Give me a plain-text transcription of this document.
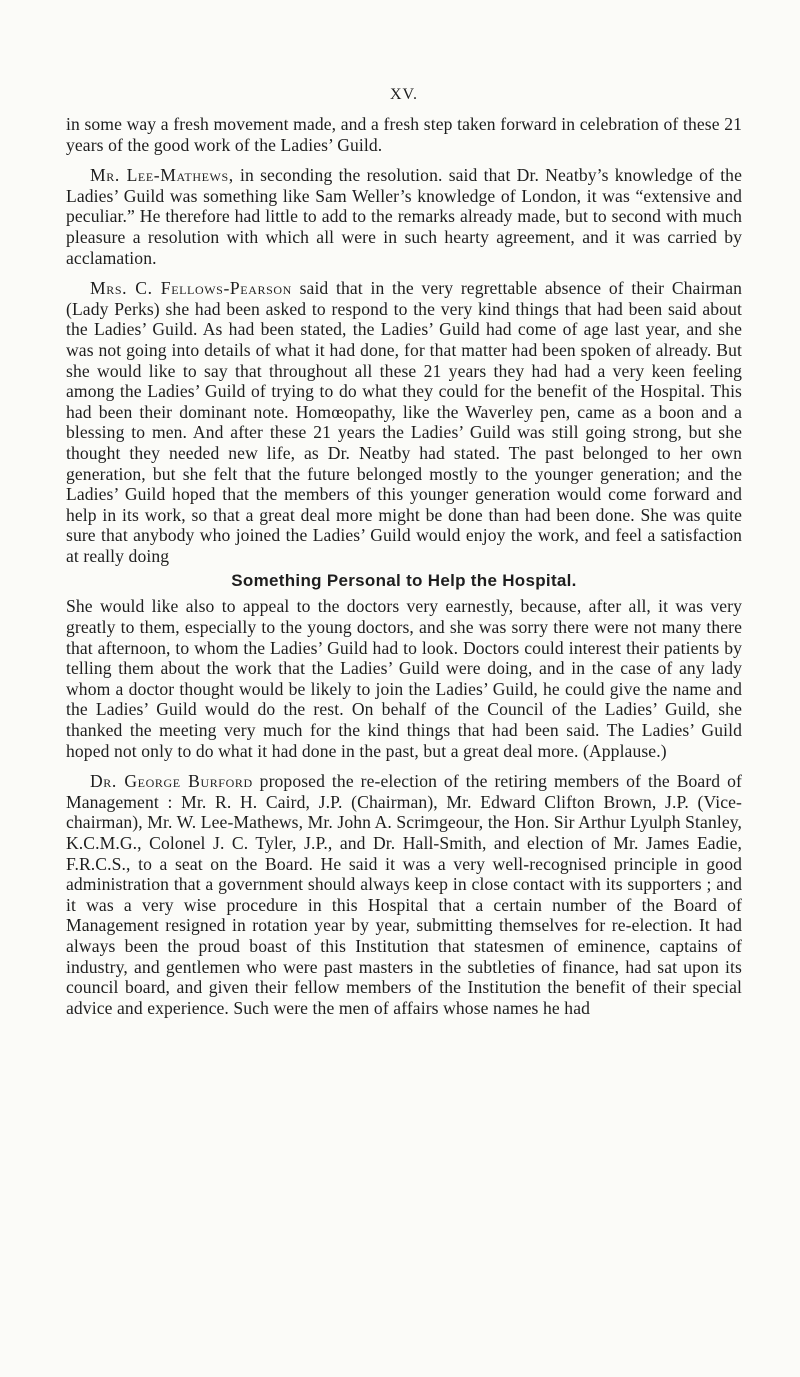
XV.

in some way a fresh movement made, and a fresh step taken forward in celebration of these 21 years of the good work of the Ladies’ Guild.

Mr. Lee-Mathews, in seconding the resolution. said that Dr. Neatby’s knowledge of the Ladies’ Guild was something like Sam Weller’s knowledge of London, it was “extensive and peculiar.” He therefore had little to add to the remarks already made, but to second with much pleasure a resolution with which all were in such hearty agreement, and it was carried by acclamation.

Mrs. C. Fellows-Pearson said that in the very regrettable absence of their Chairman (Lady Perks) she had been asked to respond to the very kind things that had been said about the Ladies’ Guild. As had been stated, the Ladies’ Guild had come of age last year, and she was not going into details of what it had done, for that matter had been spoken of already. But she would like to say that throughout all these 21 years they had had a very keen feeling among the Ladies’ Guild of trying to do what they could for the benefit of the Hospital. This had been their dominant note. Homœopathy, like the Waverley pen, came as a boon and a blessing to men. And after these 21 years the Ladies’ Guild was still going strong, but she thought they needed new life, as Dr. Neatby had stated. The past belonged to her own generation, but she felt that the future belonged mostly to the younger generation; and the Ladies’ Guild hoped that the members of this younger generation would come forward and help in its work, so that a great deal more might be done than had been done. She was quite sure that anybody who joined the Ladies’ Guild would enjoy the work, and feel a satisfaction at really doing

Something Personal to Help the Hospital.

She would like also to appeal to the doctors very earnestly, because, after all, it was very greatly to them, especially to the young doctors, and she was sorry there were not many there that afternoon, to whom the Ladies’ Guild had to look. Doctors could interest their patients by telling them about the work that the Ladies’ Guild were doing, and in the case of any lady whom a doctor thought would be likely to join the Ladies’ Guild, he could give the name and the Ladies’ Guild would do the rest. On behalf of the Council of the Ladies’ Guild, she thanked the meeting very much for the kind things that had been said. The Ladies’ Guild hoped not only to do what it had done in the past, but a great deal more. (Applause.)

Dr. George Burford proposed the re-election of the retiring members of the Board of Management : Mr. R. H. Caird, J.P. (Chairman), Mr. Edward Clifton Brown, J.P. (Vice-chairman), Mr. W. Lee-Mathews, Mr. John A. Scrimgeour, the Hon. Sir Arthur Lyulph Stanley, K.C.M.G., Colonel J. C. Tyler, J.P., and Dr. Hall-Smith, and election of Mr. James Eadie, F.R.C.S., to a seat on the Board. He said it was a very well-recognised principle in good administration that a government should always keep in close contact with its supporters ; and it was a very wise procedure in this Hospital that a certain number of the Board of Management resigned in rotation year by year, submitting themselves for re-election. It had always been the proud boast of this Institution that statesmen of eminence, captains of industry, and gentlemen who were past masters in the subtleties of finance, had sat upon its council board, and given their fellow members of the Institution the benefit of their special advice and experience. Such were the men of affairs whose names he had
